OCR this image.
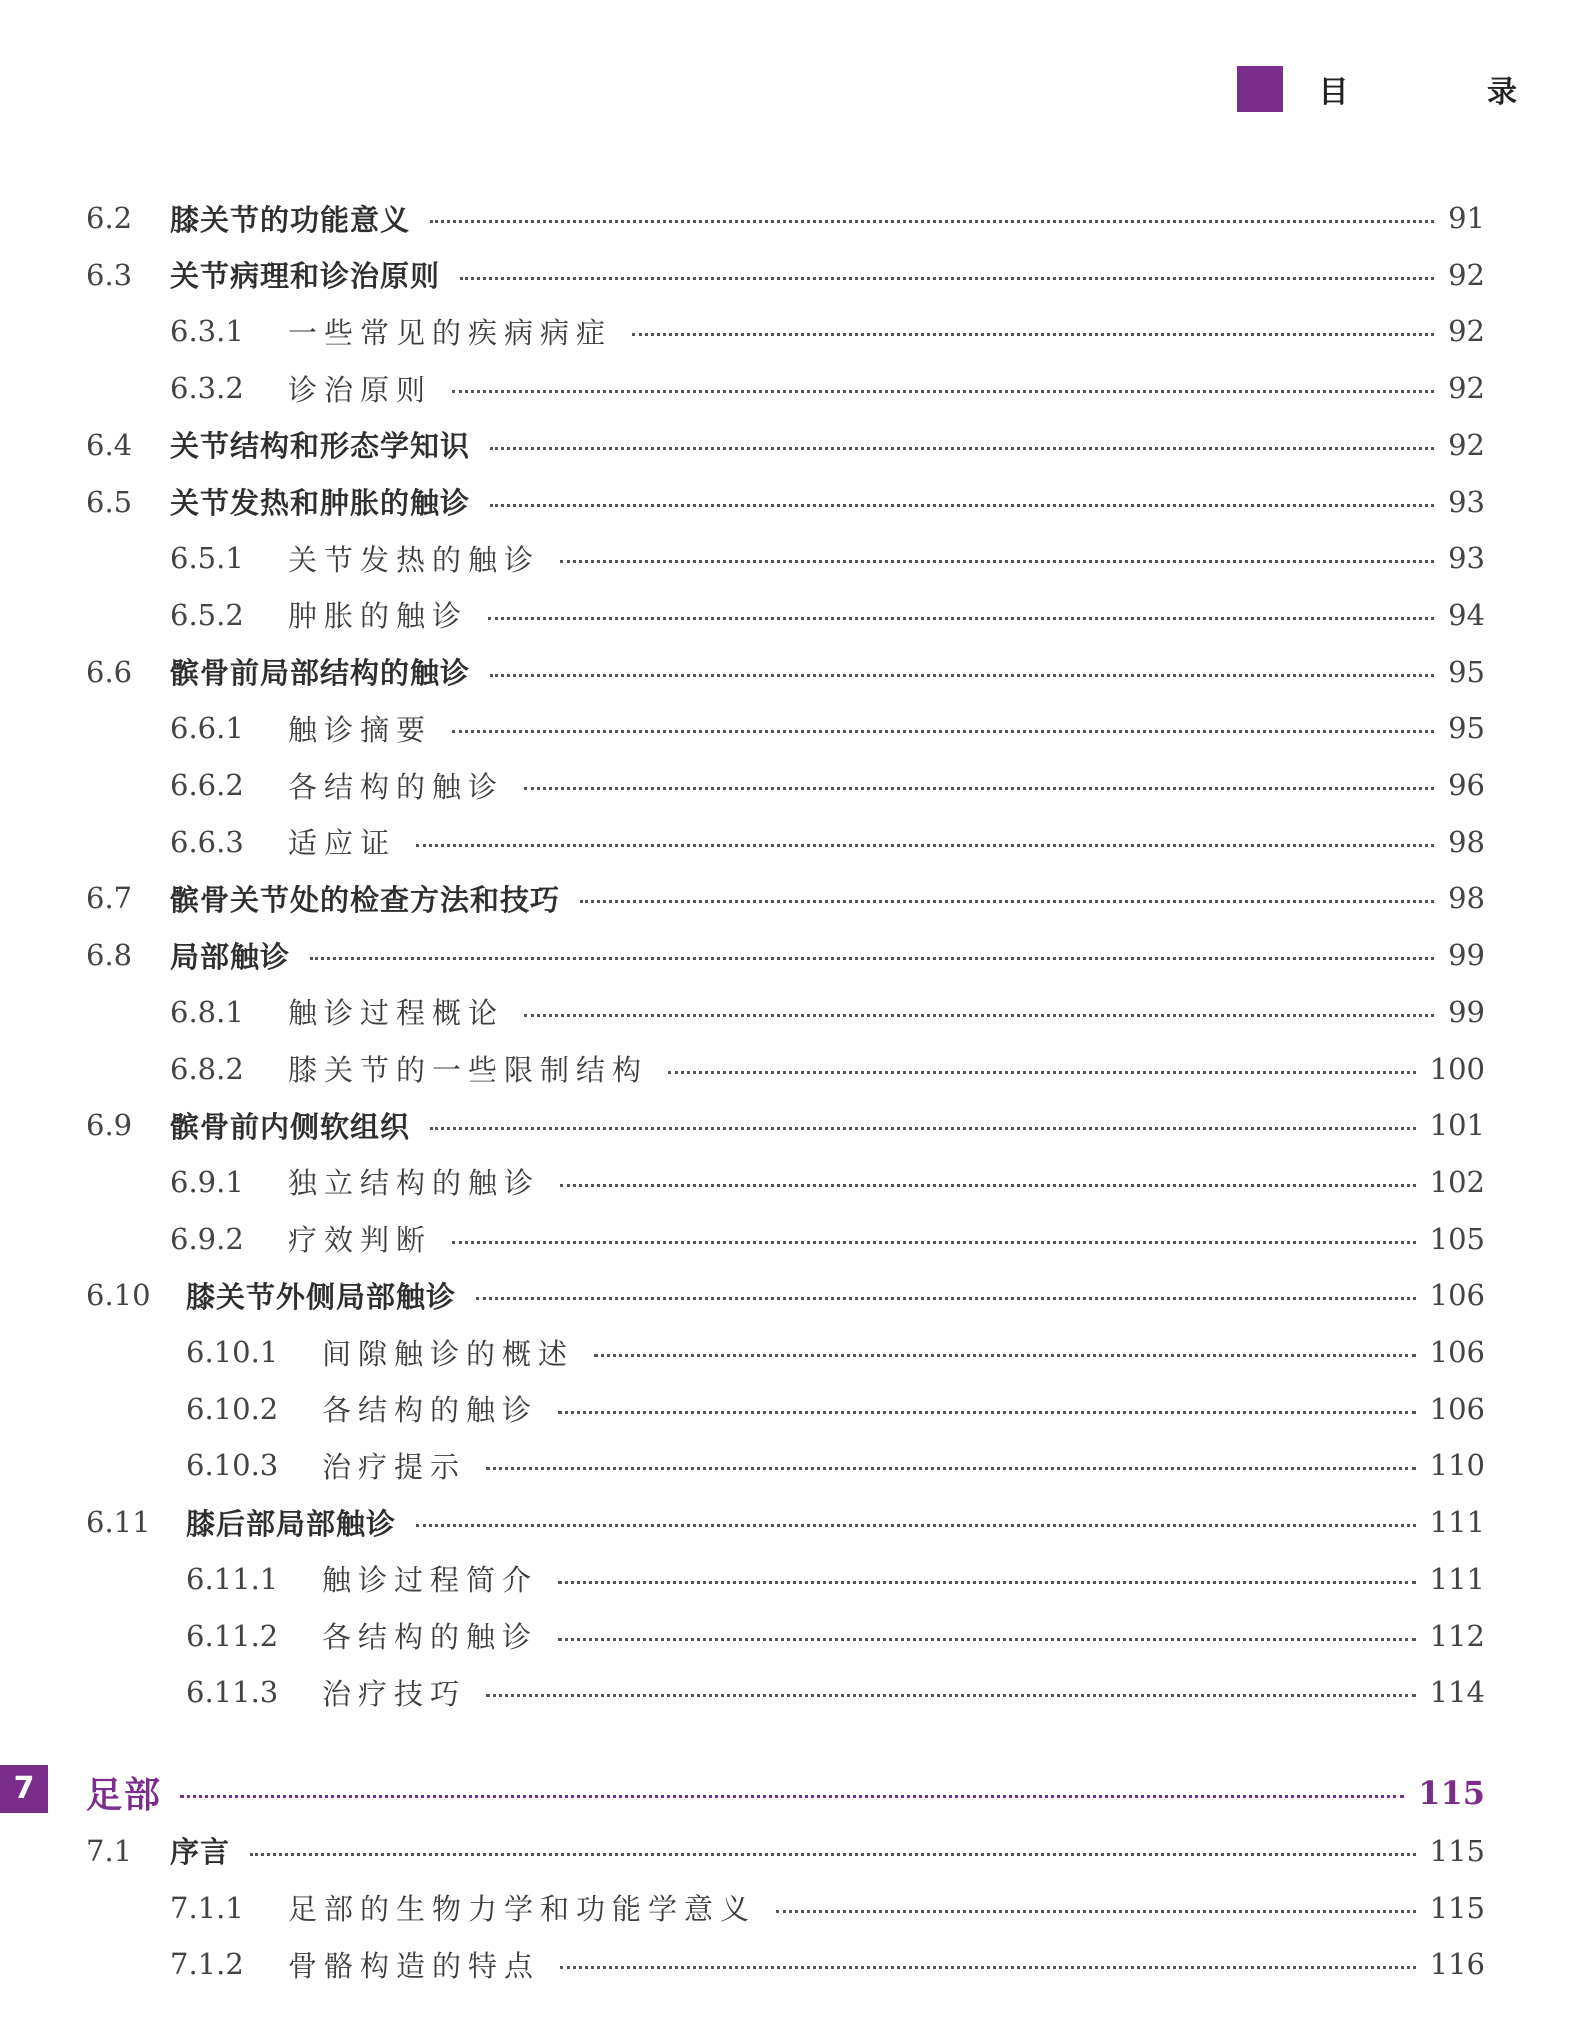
目 录
6.2 膝关节的功能意义	91
6.3 关节病理和诊治原则	92
6.3.1 一些常见的疾病病症	92
6.3.2 诊治原则	92
6.4 关节结构和形态学知识	92
6.5 关节发热和肿胀的触诊	93
6.5.1 关节发热的触诊	93
6.5.2 肿胀的触诊	94
6.6 髌骨前局部结构的触诊	95
6.6.1 触诊摘要	95
6.6.2 各结构的触诊	96
6.6.3 适应证	98
6.7 髌骨关节处的检查方法和技巧	98
6.8 局部触诊	99
6.8.1 触诊过程概论	99
6.8.2 膝关节的一些限制结构	100
6.9 髌骨前内侧软组织	101
6.9.1 独立结构的触诊	102
6.9.2 疗效判断	105
6.10 膝关节外侧局部触诊	106
6.10.1 间隙触诊的概述	106
6.10.2 各结构的触诊	106
6.10.3 治疗提示	110
6.11 膝后部局部触诊	111
6.11.1 触诊过程简介	111
6.11.2 各结构的触诊	112
6.11.3 治疗技巧	114
7	足部	115
7.1 序言	115
7.1.1 足部的生物力学和功能学意义	115
7.1.2 骨骼构造的特点	116
